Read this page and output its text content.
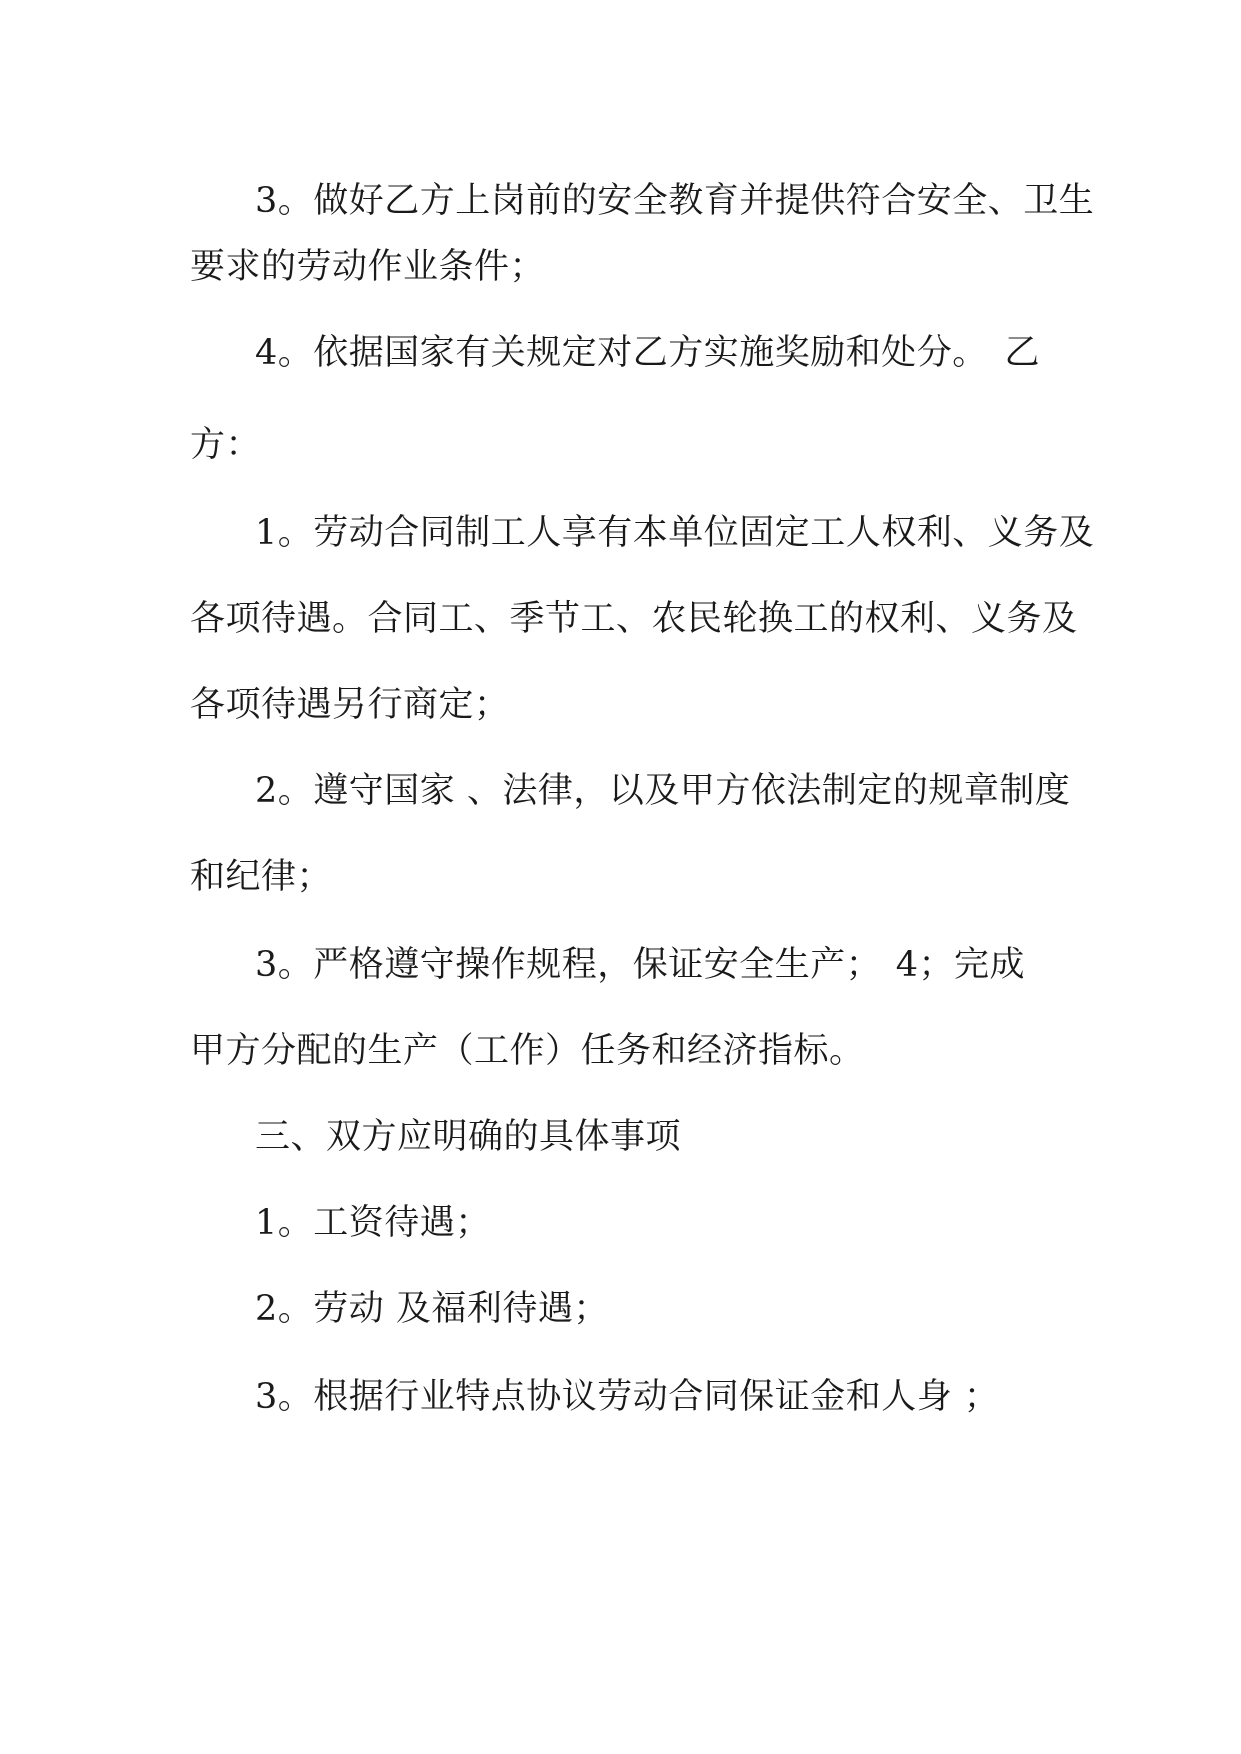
3。做好乙方上岗前的安全教育并提供符合安全、卫生
要求的劳动作业条件；
4。依据国家有关规定对乙方实施奖励和处分。 乙
方：
1。劳动合同制工人享有本单位固定工人权利、义务及
各项待遇。合同工、季节工、农民轮换工的权利、义务及
各项待遇另行商定；
2。遵守国家 、法律，以及甲方依法制定的规章制度
和纪律；
3。严格遵守操作规程，保证安全生产； 4；完成
甲方分配的生产（工作）任务和经济指标。
三、双方应明确的具体事项
1。工资待遇；
2。劳动 及福利待遇；
3。根据行业特点协议劳动合同保证金和人身 ；
